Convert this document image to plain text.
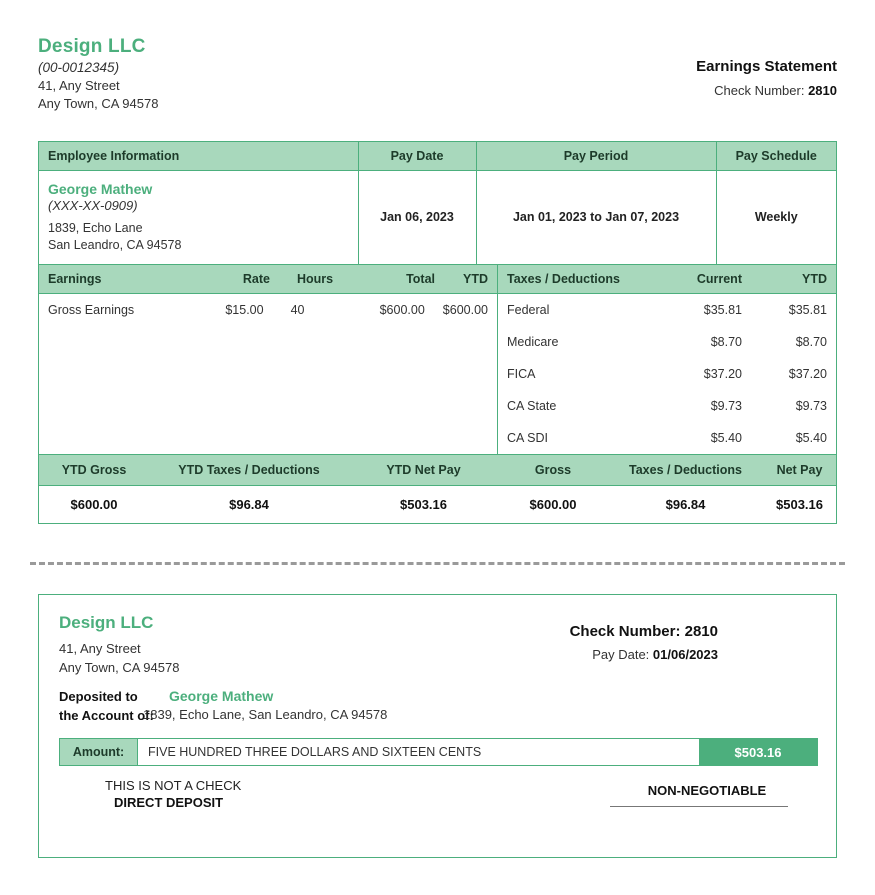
Design LLC
(00-0012345)
41, Any Street
Any Town, CA 94578
Earnings Statement
Check Number: 2810
Employee Information	Pay Date	Pay Period	Pay Schedule

George Mathew
(XXX-XX-0909)
1839, Echo Lane
San Leandro, CA 94578	Jan 06, 2023	Jan 01, 2023 to Jan 07, 2023	Weekly
Earnings	Rate	Hours	Total	YTD
Gross Earnings	$15.00	40	$600.00	$600.00
Taxes / Deductions	Current	YTD
Federal	$35.81	$35.81
Medicare	$8.70	$8.70
FICA	$37.20	$37.20
CA State	$9.73	$9.73
CA SDI	$5.40	$5.40
YTD Gross	YTD Taxes / Deductions	YTD Net Pay	Gross	Taxes / Deductions	Net Pay
$600.00	$96.84	$503.16	$600.00	$96.84	$503.16
Design LLC
41, Any Street
Any Town, CA 94578
Check Number: 2810
Pay Date: 01/06/2023
Deposited to
the Account of:
George Mathew
1839, Echo Lane, San Leandro, CA 94578
Amount:	FIVE HUNDRED THREE DOLLARS AND SIXTEEN CENTS	$503.16
THIS IS NOT A CHECK
DIRECT DEPOSIT
NON-NEGOTIABLE
